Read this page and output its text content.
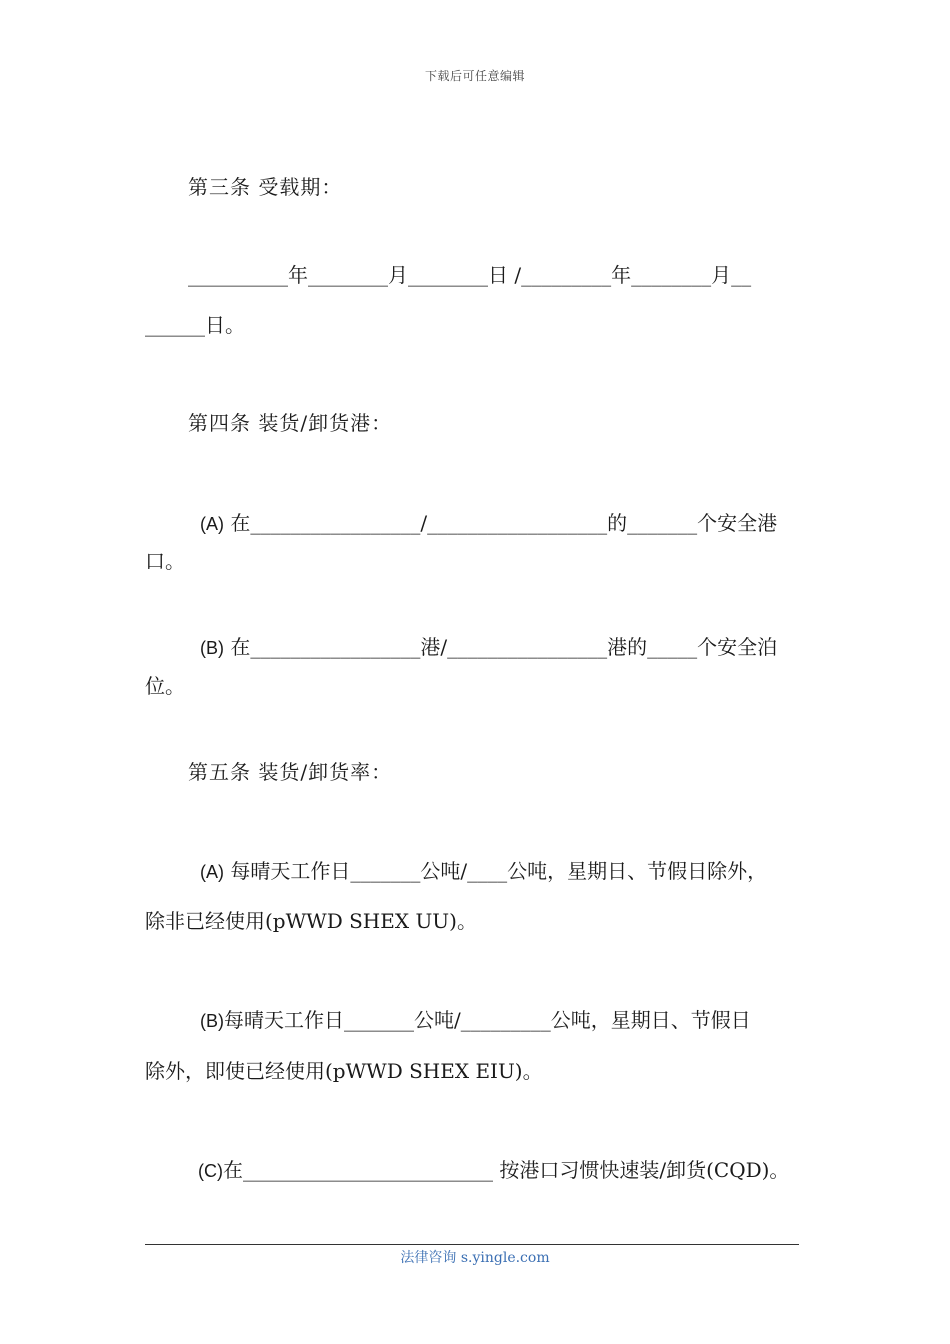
下载后可任意编辑
第三条 受载期：
__________年________月________日 /_________年________月__
______日。
第四条 装货/卸货港：
(A) 在_________________/__________________的_______个安全港
口。
(B) 在_________________港/________________港的_____个安全泊
位。
第五条 装货/卸货率：
(A) 每晴天工作日_______公吨/____公吨，星期日、节假日除外，
除非已经使用(pWWD SHEX UU)。
(B)每晴天工作日_______公吨/_________公吨，星期日、节假日
除外，即使已经使用(pWWD SHEX EIU)。
(C)在_________________________ 按港口习惯快速装/卸货(CQD)。
法律咨询 s.yingle.com
